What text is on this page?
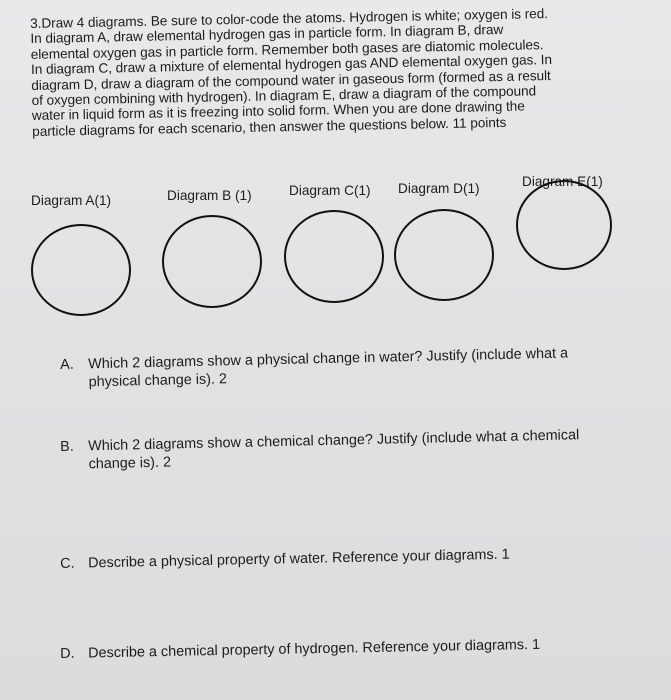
3.Draw 4 diagrams. Be sure to color-code the atoms. Hydrogen is white; oxygen is red.
In diagram A, draw elemental hydrogen gas in particle form. In diagram B, draw
elemental oxygen gas in particle form. Remember both gases are diatomic molecules.
In diagram C, draw a mixture of elemental hydrogen gas AND elemental oxygen gas. In
diagram D, draw a diagram of the compound water in gaseous form (formed as a result
of oxygen combining with hydrogen). In diagram E, draw a diagram of the compound
water in liquid form as it is freezing into solid form. When you are done drawing the
particle diagrams for each scenario, then answer the questions below. 11 points
Diagram A(1)	Diagram B (1)	Diagram C(1) Diagram D(1)	Diagram E(1)
A. Which 2 diagrams show a physical change in water? Justify (include what a
physical change is). 2
B. Which 2 diagrams show a chemical change? Justify (include what a chemical
change is). 2
C. Describe a physical property of water. Reference your diagrams. 1
D. Describe a chemical property of hydrogen. Reference your diagrams. 1
